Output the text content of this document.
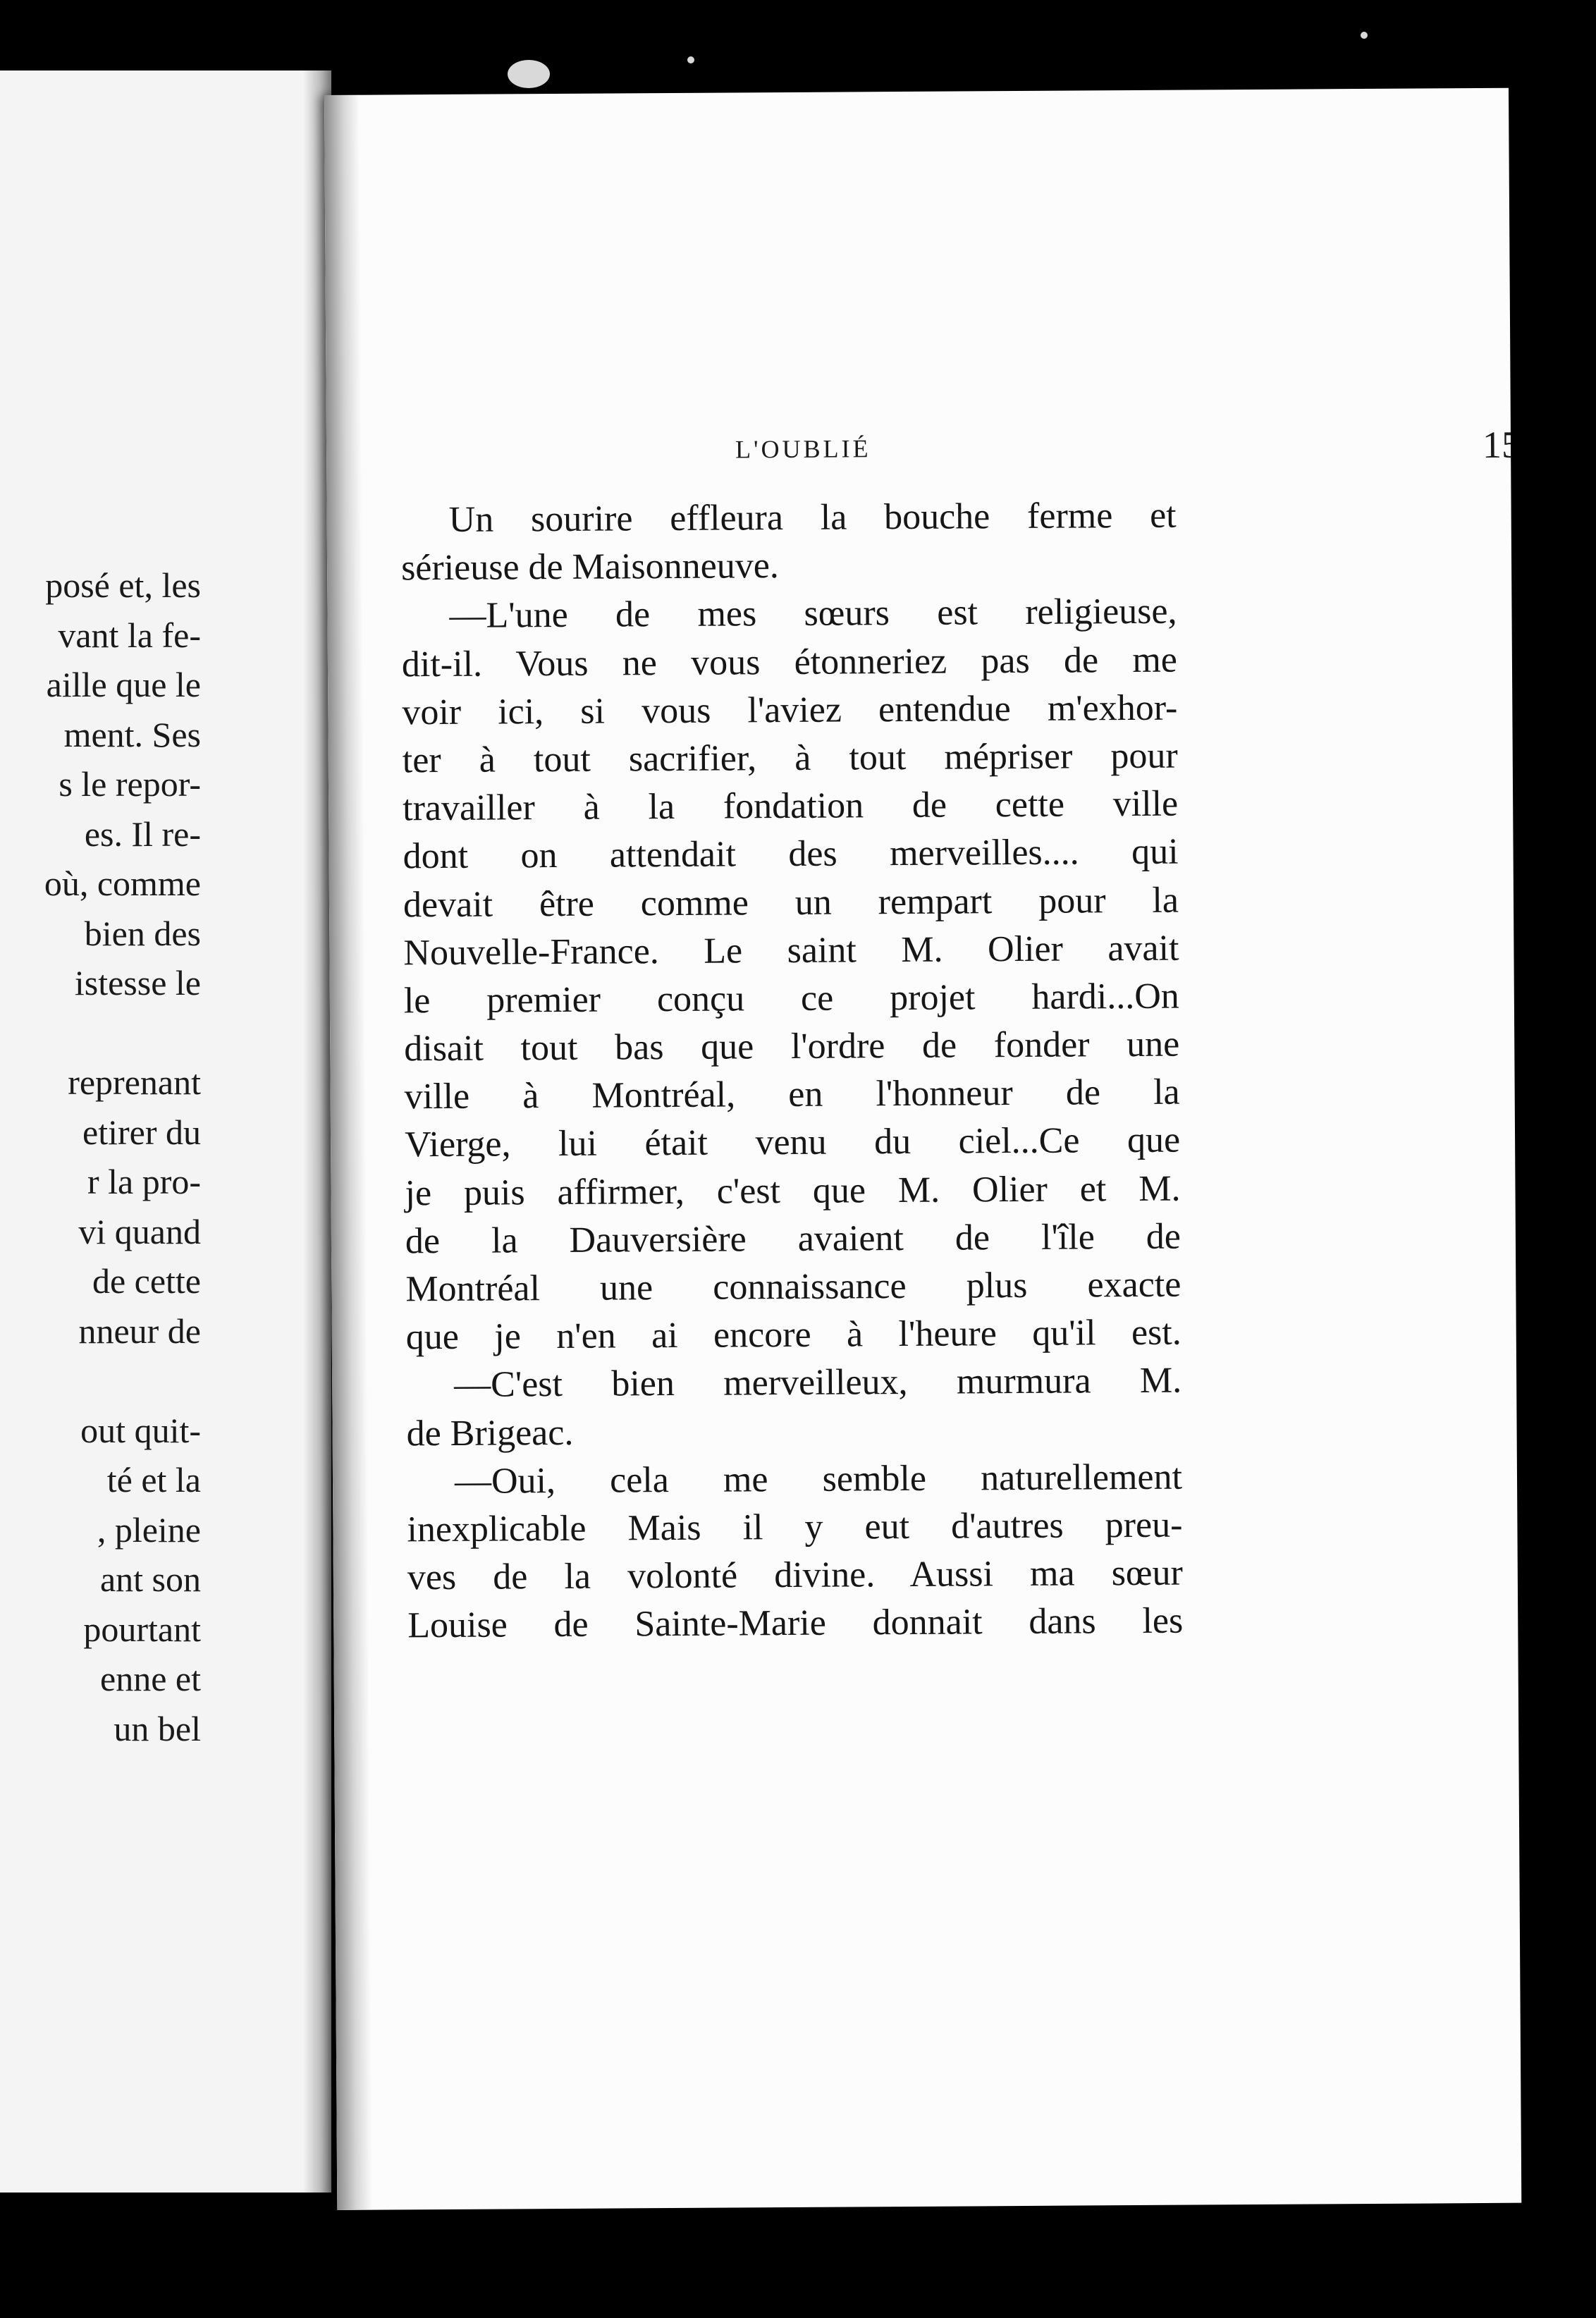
posé et, les
vant la fe-
aille que le
ment. Ses
s le repor-
es. Il re-
où, comme
bien des
istesse le
reprenant
etirer du
r la pro-
vi quand
de cette
nneur de
out quit-
té et la
, pleine
ant son
pourtant
enne et
un bel
L'OUBLIÉ	15
Un sourire effleura la bouche ferme et
sérieuse de Maisonneuve.
—L'une de mes sœurs est religieuse,
dit-il. Vous ne vous étonneriez pas de me
voir ici, si vous l'aviez entendue m'exhor-
ter à tout sacrifier, à tout mépriser pour
travailler à la fondation de cette ville
dont on attendait des merveilles.... qui
devait être comme un rempart pour la
Nouvelle-France. Le saint M. Olier avait
le premier conçu ce projet hardi...On
disait tout bas que l'ordre de fonder une
ville à Montréal, en l'honneur de la
Vierge, lui était venu du ciel...Ce que
je puis affirmer, c'est que M. Olier et M.
de la Dauversière avaient de l'île de
Montréal une connaissance plus exacte
que je n'en ai encore à l'heure qu'il est.
—C'est bien merveilleux, murmura M.
de Brigeac.
—Oui, cela me semble naturellement
inexplicable Mais il y eut d'autres preu-
ves de la volonté divine. Aussi ma sœur
Louise de Sainte-Marie donnait dans les
